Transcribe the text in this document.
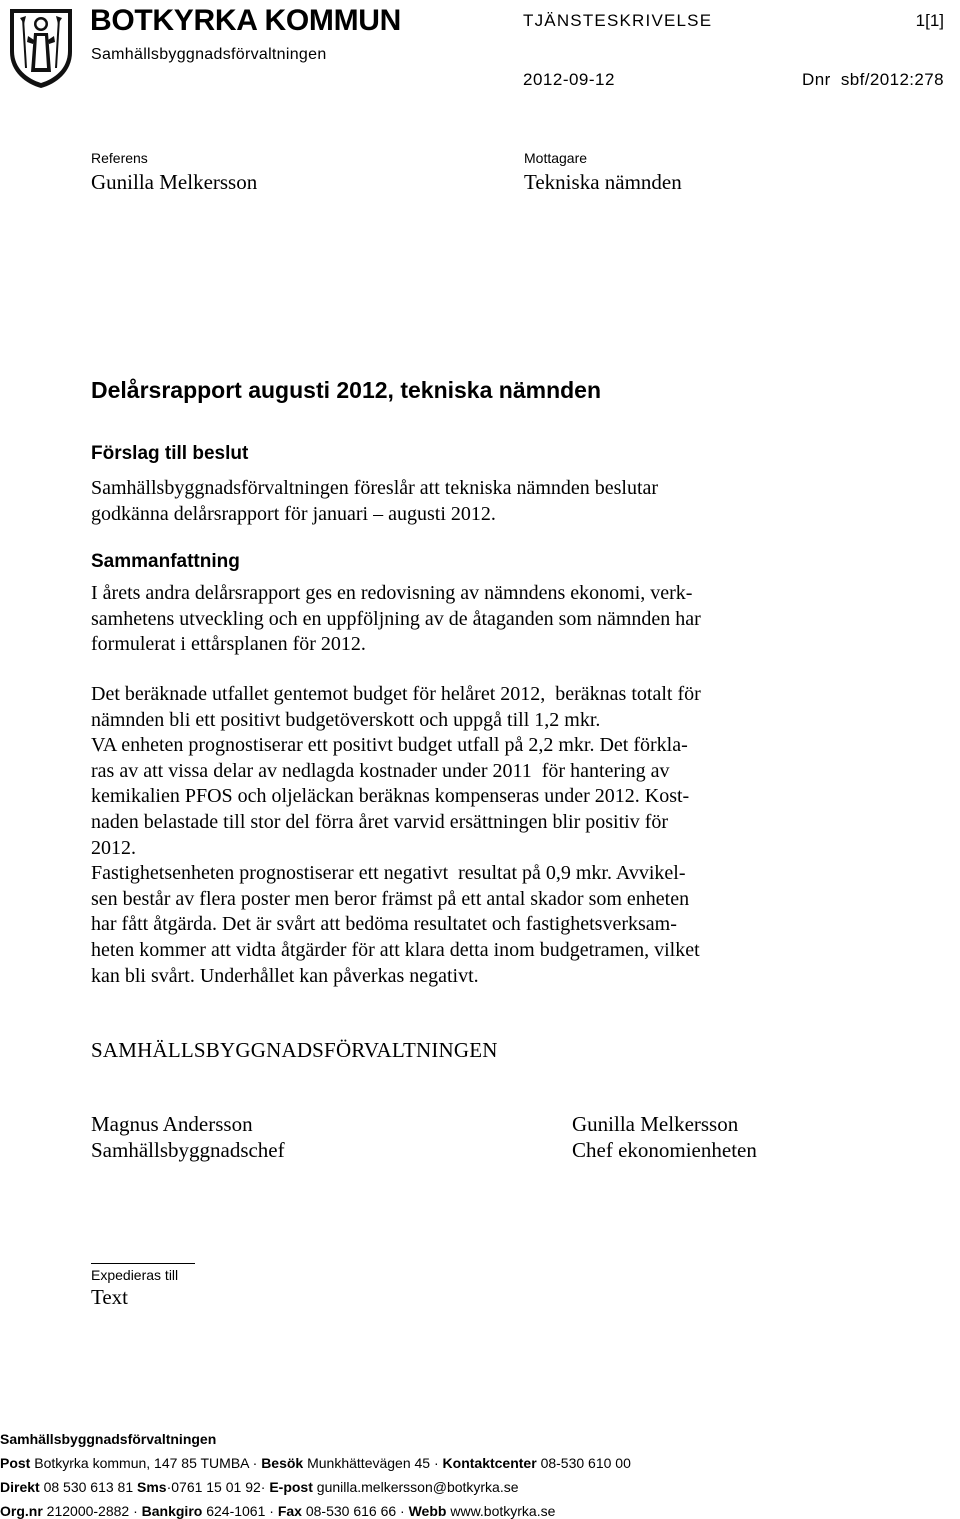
BOTKYRKA KOMMUN
Samhällsbyggnadsförvaltningen
TJÄNSTESKRIVELSE	1[1]
2012-09-12	Dnr  sbf/2012:278
Referens
Gunilla Melkersson
Mottagare
Tekniska nämnden
Delårsrapport augusti 2012, tekniska nämnden
Förslag till beslut
Samhällsbyggnadsförvaltningen föreslår att tekniska nämnden beslutar
godkänna delårsrapport för januari – augusti 2012.
Sammanfattning
I årets andra delårsrapport ges en redovisning av nämndens ekonomi, verk-
samhetens utveckling och en uppföljning av de åtaganden som nämnden har
formulerat i ettårsplanen för 2012.
Det beräknade utfallet gentemot budget för helåret 2012,  beräknas totalt för
nämnden bli ett positivt budgetöverskott och uppgå till 1,2 mkr.
VA enheten prognostiserar ett positivt budget utfall på 2,2 mkr. Det förkla-
ras av att vissa delar av nedlagda kostnader under 2011  för hantering av
kemikalien PFOS och oljeläckan beräknas kompenseras under 2012. Kost-
naden belastade till stor del förra året varvid ersättningen blir positiv för
2012.
Fastighetsenheten prognostiserar ett negativt  resultat på 0,9 mkr. Avvikel-
sen består av flera poster men beror främst på ett antal skador som enheten
har fått åtgärda. Det är svårt att bedöma resultatet och fastighetsverksam-
heten kommer att vidta åtgärder för att klara detta inom budgetramen, vilket
kan bli svårt. Underhållet kan påverkas negativt.
SAMHÄLLSBYGGNADSFÖRVALTNINGEN
Magnus Andersson
Samhällsbyggnadschef
Gunilla Melkersson
Chef ekonomienheten
Expedieras till
Text
Samhällsbyggnadsförvaltningen
Post Botkyrka kommun, 147 85 TUMBA · Besök Munkhättevägen 45 · Kontaktcenter 08-530 610 00
Direkt 08 530 613 81 Sms·0761 15 01 92· E-post gunilla.melkersson@botkyrka.se
Org.nr 212000-2882 · Bankgiro 624-1061 · Fax 08-530 616 66 · Webb www.botkyrka.se
